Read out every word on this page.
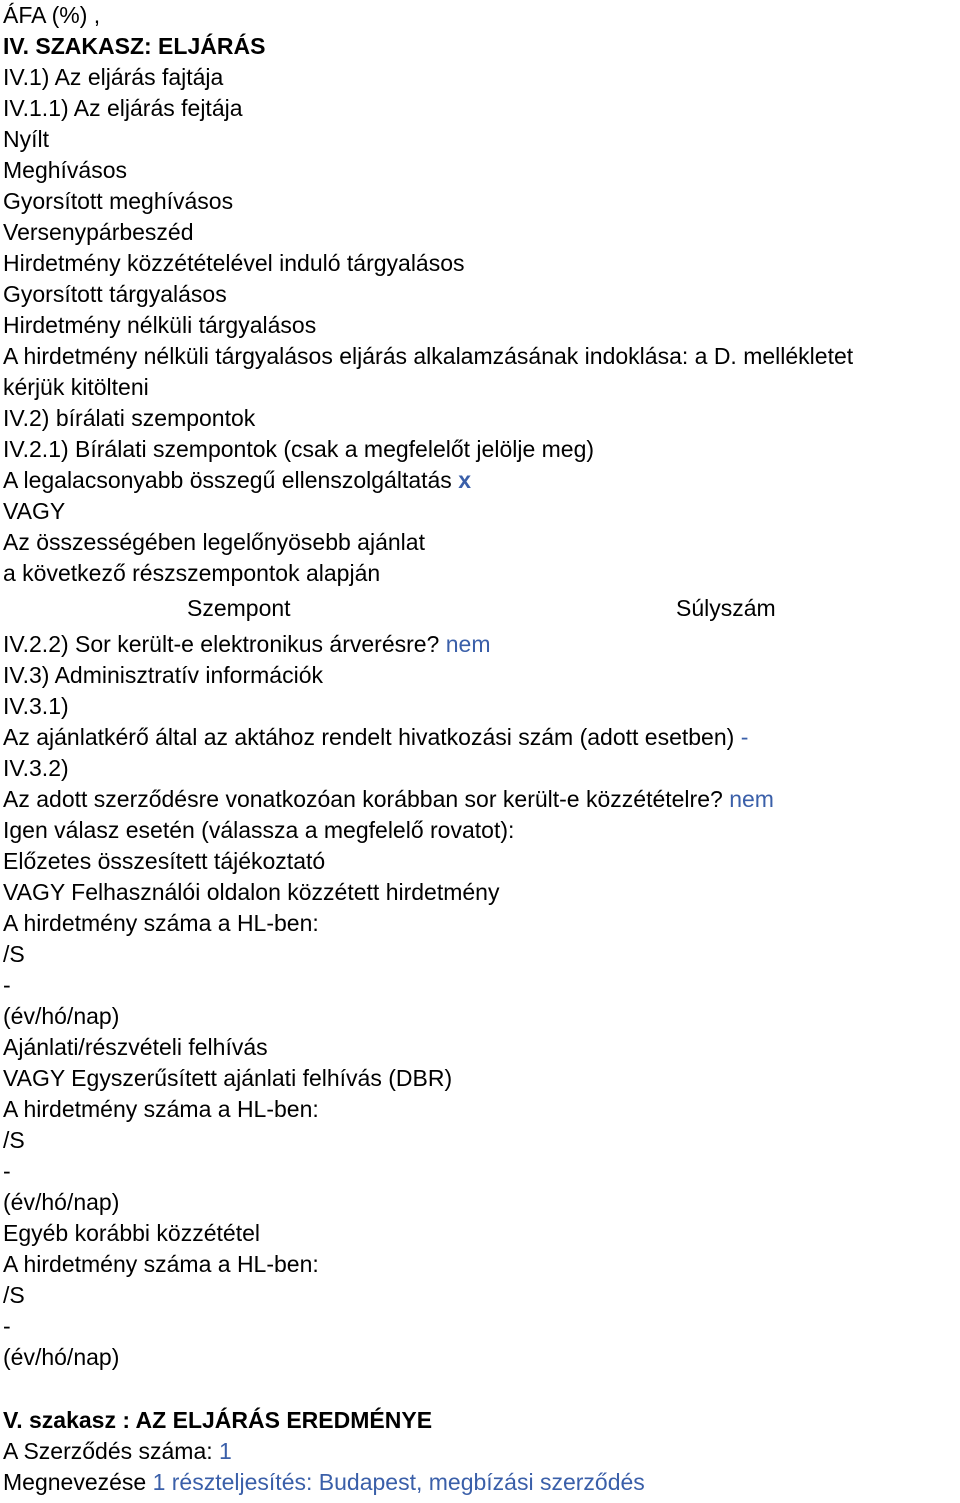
ÁFA (%) ,
IV. SZAKASZ: ELJÁRÁS
IV.1) Az eljárás fajtája
IV.1.1) Az eljárás fejtája
Nyílt
Meghívásos
Gyorsított meghívásos
Versenypárbeszéd
Hirdetmény közzétételével induló tárgyalásos
Gyorsított tárgyalásos
Hirdetmény nélküli tárgyalásos
A hirdetmény nélküli tárgyalásos eljárás alkalamzásának indoklása: a D. mellékletet
kérjük kitölteni
IV.2) bírálati szempontok
IV.2.1) Bírálati szempontok (csak a megfelelőt jelölje meg)
A legalacsonyabb összegű ellenszolgáltatás x
VAGY
Az összességében legelőnyösebb ajánlat
a következő részszempontok alapján
Szempont	Súlyszám
IV.2.2) Sor került-e elektronikus árverésre? nem
IV.3) Adminisztratív információk
IV.3.1)
Az ajánlatkérő által az aktához rendelt hivatkozási szám (adott esetben) -
IV.3.2)
Az adott szerződésre vonatkozóan korábban sor került-e közzétételre? nem
Igen válasz esetén (válassza a megfelelő rovatot):
Előzetes összesített tájékoztató
VAGY Felhasználói oldalon közzétett hirdetmény
A hirdetmény száma a HL-ben:
/S
-
(év/hó/nap)
Ajánlati/részvételi felhívás
VAGY Egyszerűsített ajánlati felhívás (DBR)
A hirdetmény száma a HL-ben:
/S
-
(év/hó/nap)
Egyéb korábbi közzététel
A hirdetmény száma a HL-ben:
/S
-
(év/hó/nap)
V. szakasz : AZ ELJÁRÁS EREDMÉNYE
A Szerződés száma: 1
Megnevezése 1 részteljesítés: Budapest, megbízási szerződés
